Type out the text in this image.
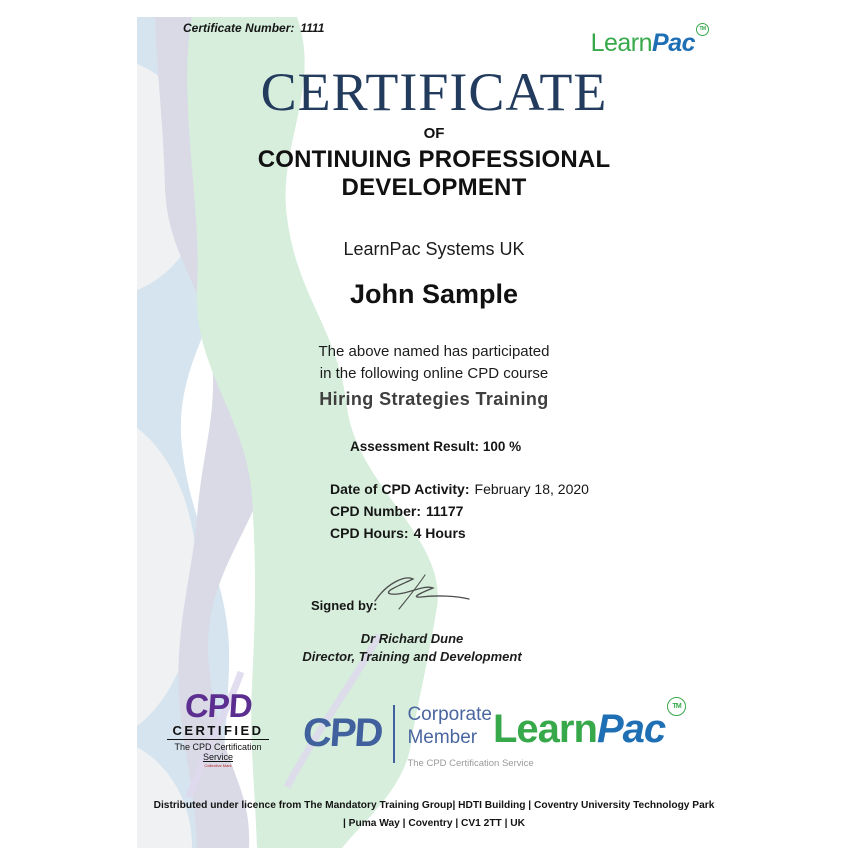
Certificate Number: 1111
LearnPac TM
CERTIFICATE
OF
CONTINUING PROFESSIONAL
DEVELOPMENT
LearnPac Systems UK
John Sample
The above named has participated
in the following online CPD course
Hiring Strategies Training
Assessment Result: 100 %
Date of CPD Activity: February 18, 2020
CPD Number: 11177
CPD Hours: 4 Hours
Signed by:
Dr Richard Dune
Director, Training and Development
CPD
CERTIFIED
The CPD Certification
Service
Collective Mark
CPD Corporate
Member
The CPD Certification Service
LearnPacTM
Distributed under licence from The Mandatory Training Group| HDTI Building | Coventry University Technology Park
| Puma Way | Coventry | CV1 2TT | UK
